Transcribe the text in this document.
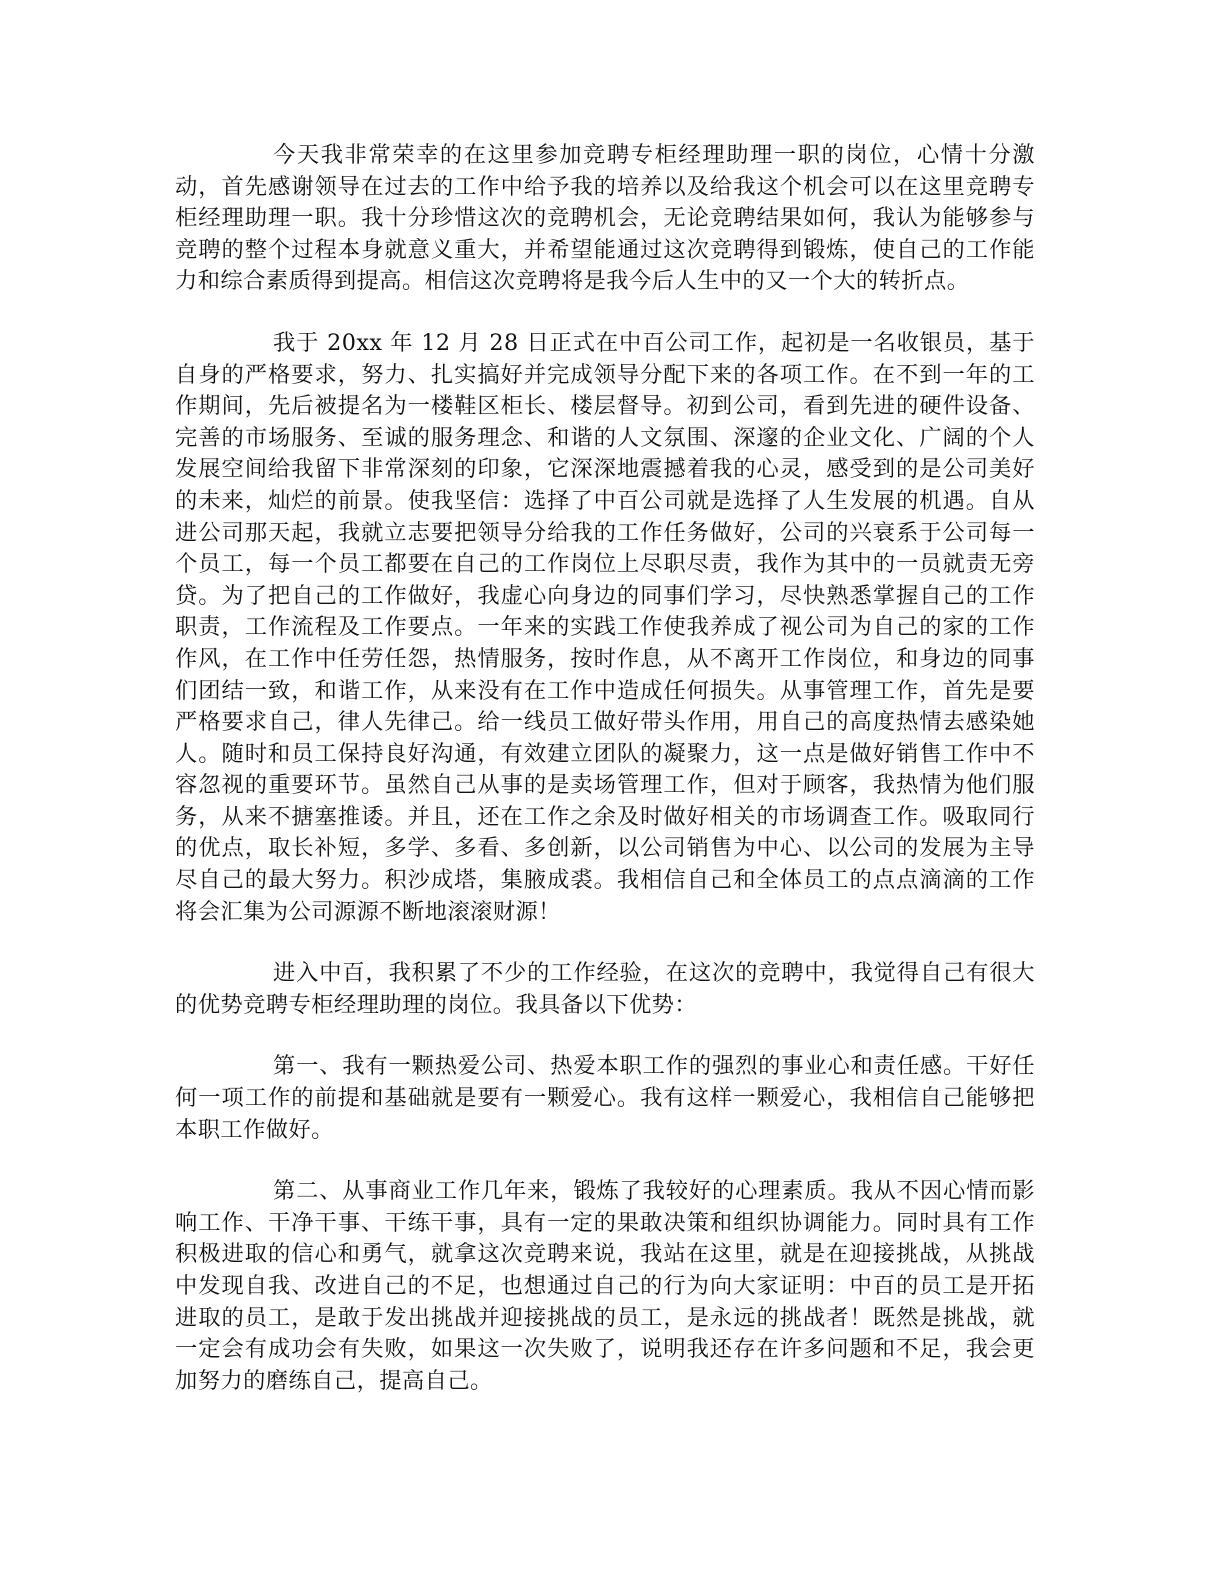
今天我非常荣幸的在这里参加竞聘专柜经理助理一职的岗位，心情十分激动，首先感谢领导在过去的工作中给予我的培养以及给我这个机会可以在这里竞聘专柜经理助理一职。我十分珍惜这次的竞聘机会，无论竞聘结果如何，我认为能够参与竞聘的整个过程本身就意义重大，并希望能通过这次竞聘得到锻炼，使自己的工作能力和综合素质得到提高。相信这次竞聘将是我今后人生中的又一个大的转折点。

我于 20xx 年 12 月 28 日正式在中百公司工作，起初是一名收银员，基于自身的严格要求，努力、扎实搞好并完成领导分配下来的各项工作。在不到一年的工作期间，先后被提名为一楼鞋区柜长、楼层督导。初到公司，看到先进的硬件设备、完善的市场服务、至诚的服务理念、和谐的人文氛围、深邃的企业文化、广阔的个人发展空间给我留下非常深刻的印象，它深深地震撼着我的心灵，感受到的是公司美好的未来，灿烂的前景。使我坚信：选择了中百公司就是选择了人生发展的机遇。自从进公司那天起，我就立志要把领导分给我的工作任务做好，公司的兴衰系于公司每一个员工，每一个员工都要在自己的工作岗位上尽职尽责，我作为其中的一员就责无旁贷。为了把自己的工作做好，我虚心向身边的同事们学习，尽快熟悉掌握自己的工作职责，工作流程及工作要点。一年来的实践工作使我养成了视公司为自己的家的工作作风，在工作中任劳任怨，热情服务，按时作息，从不离开工作岗位，和身边的同事们团结一致，和谐工作，从来没有在工作中造成任何损失。从事管理工作，首先是要严格要求自己，律人先律己。给一线员工做好带头作用，用自己的高度热情去感染她人。随时和员工保持良好沟通，有效建立团队的凝聚力，这一点是做好销售工作中不容忽视的重要环节。虽然自己从事的是卖场管理工作，但对于顾客，我热情为他们服务，从来不搪塞推诿。并且，还在工作之余及时做好相关的市场调查工作。吸取同行的优点，取长补短，多学、多看、多创新，以公司销售为中心、以公司的发展为主导尽自己的最大努力。积沙成塔，集腋成裘。我相信自己和全体员工的点点滴滴的工作将会汇集为公司源源不断地滚滚财源！

进入中百，我积累了不少的工作经验，在这次的竞聘中，我觉得自己有很大的优势竞聘专柜经理助理的岗位。我具备以下优势：

第一、我有一颗热爱公司、热爱本职工作的强烈的事业心和责任感。干好任何一项工作的前提和基础就是要有一颗爱心。我有这样一颗爱心，我相信自己能够把本职工作做好。

第二、从事商业工作几年来，锻炼了我较好的心理素质。我从不因心情而影响工作、干净干事、干练干事，具有一定的果敢决策和组织协调能力。同时具有工作积极进取的信心和勇气，就拿这次竞聘来说，我站在这里，就是在迎接挑战，从挑战中发现自我、改进自己的不足，也想通过自己的行为向大家证明：中百的员工是开拓进取的员工，是敢于发出挑战并迎接挑战的员工，是永远的挑战者！既然是挑战，就一定会有成功会有失败，如果这一次失败了，说明我还存在许多问题和不足，我会更加努力的磨练自己，提高自己。
